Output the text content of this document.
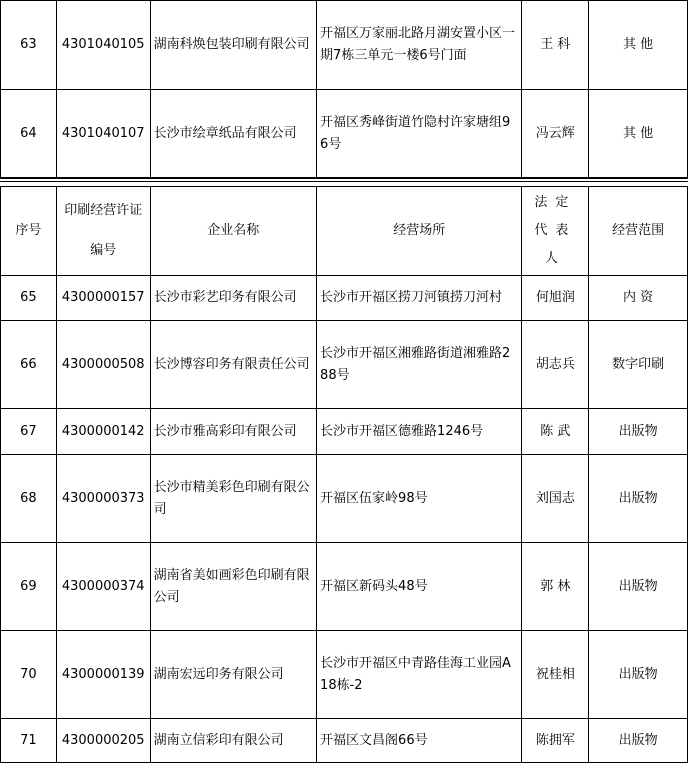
63	4301040105	湖南科焕包装印刷有限公司	开福区万家丽北路月湖安置小区一期7栋三单元一楼6号门面	王 科	其 他
64	4301040107	长沙市绘章纸品有限公司	开福区秀峰街道竹隐村许家塘组96号	冯云辉	其 他
序号	印刷经营许证编号	企业名称	经营场所	法定代表人	经营范围
65	4300000157	长沙市彩艺印务有限公司	长沙市开福区捞刀河镇捞刀河村	何旭润	内 资
66	4300000508	长沙博容印务有限责任公司	长沙市开福区湘雅路街道湘雅路288号	胡志兵	数字印刷
67	4300000142	长沙市雅高彩印有限公司	长沙市开福区德雅路1246号	陈 武	出版物
68	4300000373	长沙市精美彩色印刷有限公司	开福区伍家岭98号	刘国志	出版物
69	4300000374	湖南省美如画彩色印刷有限公司	开福区新码头48号	郭 林	出版物
70	4300000139	湖南宏远印务有限公司	长沙市开福区中青路佳海工业园A18栋-2	祝桂相	出版物
71	4300000205	湖南立信彩印有限公司	开福区文昌阁66号	陈拥军	出版物
